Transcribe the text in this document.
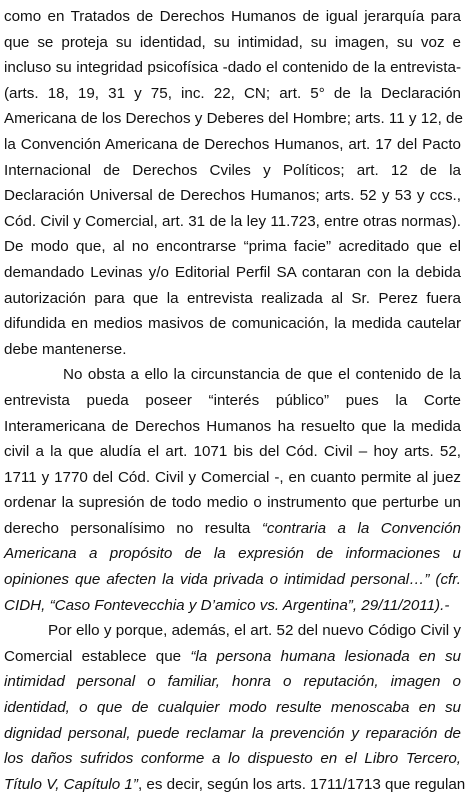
como en Tratados de Derechos Humanos de igual jerarquía para
que se proteja su identidad, su intimidad, su imagen, su voz e
incluso su integridad psicofísica -dado el contenido de la entrevista-
(arts. 18, 19, 31 y 75, inc. 22, CN; art. 5° de la Declaración
Americana de los Derechos y Deberes del Hombre; arts. 11 y 12, de
la Convención Americana de Derechos Humanos, art. 17 del Pacto
Internacional de Derechos Cviles y Políticos; art. 12 de la
Declaración Universal de Derechos Humanos; arts. 52 y 53 y ccs.,
Cód. Civil y Comercial, art. 31 de la ley 11.723, entre otras normas).
De modo que, al no encontrarse “prima facie” acreditado que el
demandado Levinas y/o Editorial Perfil SA contaran con la debida
autorización para que la entrevista realizada al Sr. Perez fuera
difundida en medios masivos de comunicación, la medida cautelar
debe mantenerse.

No obsta a ello la circunstancia de que el contenido de la
entrevista pueda poseer “interés público” pues la Corte
Interamericana de Derechos Humanos ha resuelto que la medida
civil a la que aludía el art. 1071 bis del Cód. Civil – hoy arts. 52,
1711 y 1770 del Cód. Civil y Comercial -, en cuanto permite al juez
ordenar la supresión de todo medio o instrumento que perturbe un
derecho personalísimo no resulta “contraria a la Convención
Americana a propósito de la expresión de informaciones u
opiniones que afecten la vida privada o intimidad personal…” (cfr.
CIDH, “Caso Fontevecchia y D’amico vs. Argentina”, 29/11/2011).-

Por ello y porque, además, el art. 52 del nuevo Código Civil y
Comercial establece que “la persona humana lesionada en su
intimidad personal o familiar, honra o reputación, imagen o
identidad, o que de cualquier modo resulte menoscaba en su
dignidad personal, puede reclamar la prevención y reparación de
los daños sufridos conforme a lo dispuesto en el Libro Tercero,
Título V, Capítulo 1”, es decir, según los arts. 1711/1713 que regulan
